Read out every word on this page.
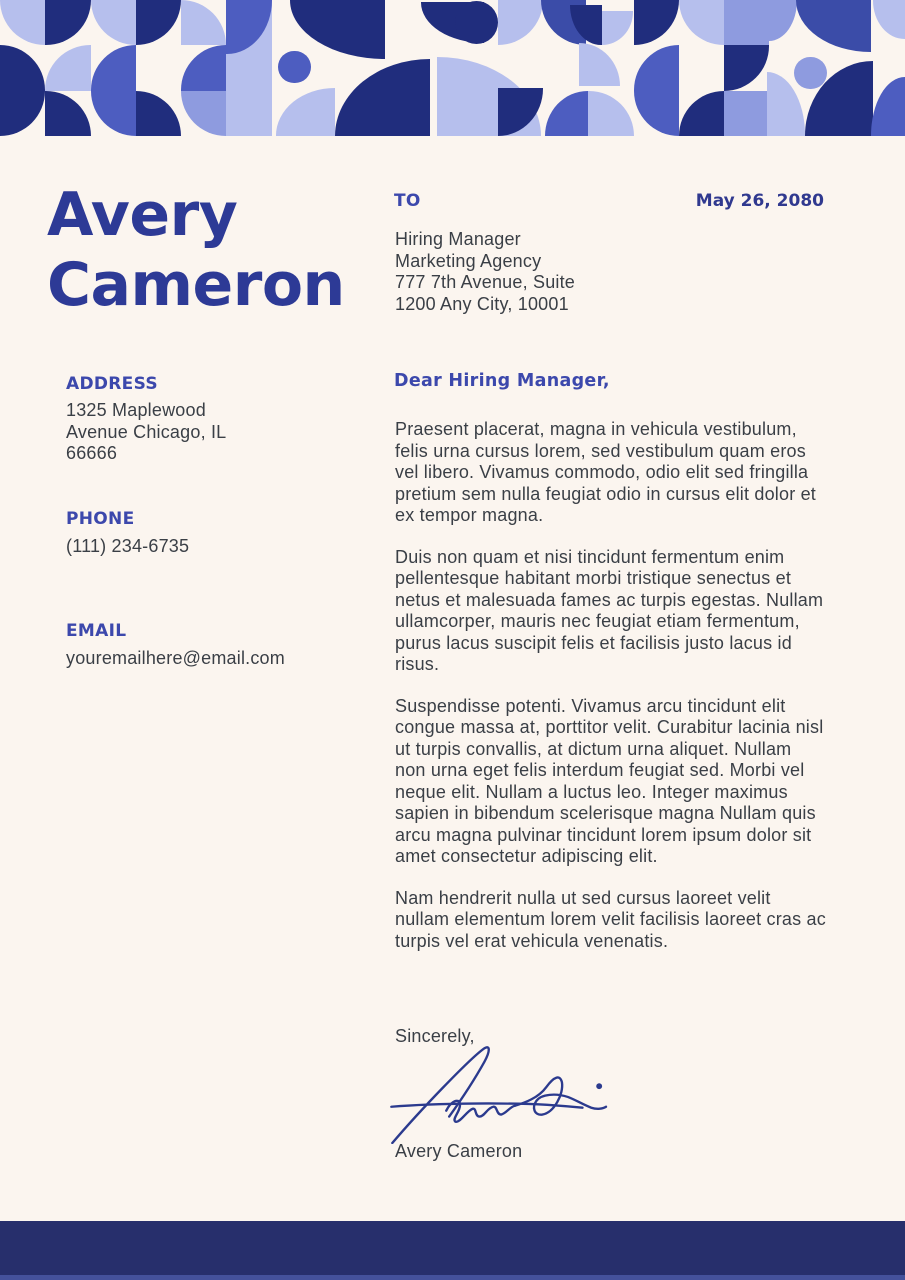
Avery
Cameron
ADDRESS
1325 Maplewood
Avenue Chicago, IL
66666
PHONE
(111) 234-6735
EMAIL
youremailhere@email.com
TO	May 26, 2080
Hiring Manager
Marketing Agency
777 7th Avenue, Suite
1200 Any City, 10001
Dear Hiring Manager,

Praesent placerat, magna in vehicula vestibulum, felis urna cursus lorem, sed vestibulum quam eros vel libero. Vivamus commodo, odio elit sed fringilla pretium sem nulla feugiat odio in cursus elit dolor et ex tempor magna.

Duis non quam et nisi tincidunt fermentum enim pellentesque habitant morbi tristique senectus et netus et malesuada fames ac turpis egestas. Nullam ullamcorper, mauris nec feugiat etiam fermentum, purus lacus suscipit felis et facilisis justo lacus id risus.

Suspendisse potenti. Vivamus arcu tincidunt elit congue massa at, porttitor velit. Curabitur lacinia nisl ut turpis convallis, at dictum urna aliquet. Nullam non urna eget felis interdum feugiat sed. Morbi vel neque elit. Nullam a luctus leo. Integer maximus sapien in bibendum scelerisque magna Nullam quis arcu magna pulvinar tincidunt lorem ipsum dolor sit amet consectetur adipiscing elit.

Nam hendrerit nulla ut sed cursus laoreet velit nullam elementum lorem velit facilisis laoreet cras ac turpis vel erat vehicula venenatis.

Sincerely,
Avery Cameron
